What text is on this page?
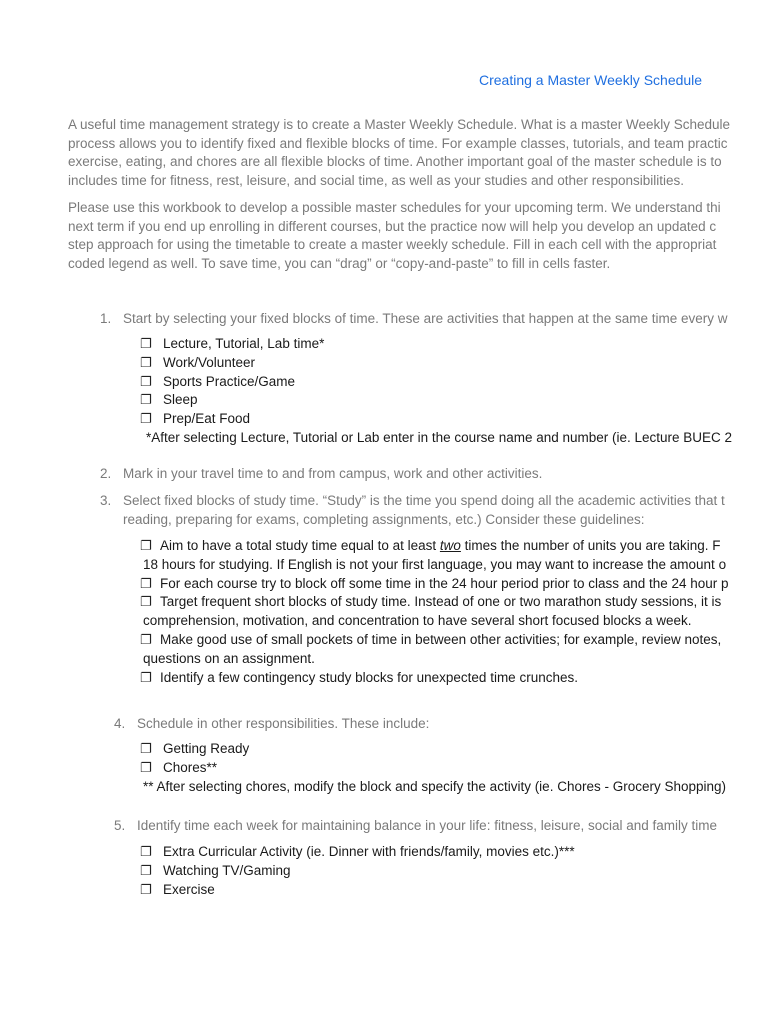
Creating a Master Weekly Schedule
A useful time management strategy is to create a Master Weekly Schedule. What is a master Weekly Schedule
process allows you to identify fixed and flexible blocks of time. For example classes, tutorials, and team practic
exercise, eating, and chores are all flexible blocks of time. Another important goal of the master schedule is to
includes time for fitness, rest, leisure, and social time, as well as your studies and other responsibilities.
Please use this workbook to develop a possible master schedules for your upcoming term. We understand thi
next term if you end up enrolling in different courses, but the practice now will help you develop an updated c
step approach for using the timetable to create a master weekly schedule. Fill in each cell with the appropriat
coded legend as well. To save time, you can “drag” or “copy-and-paste” to fill in cells faster.
1. Start by selecting your fixed blocks of time. These are activities that happen at the same time every w
❐ Lecture, Tutorial, Lab time*
❐ Work/Volunteer
❐ Sports Practice/Game
❐ Sleep
❐ Prep/Eat Food
*After selecting Lecture, Tutorial or Lab enter in the course name and number (ie. Lecture BUEC 2
2. Mark in your travel time to and from campus, work and other activities.
3. Select fixed blocks of study time. “Study” is the time you spend doing all the academic activities that t
reading, preparing for exams, completing assignments, etc.) Consider these guidelines:
❐ Aim to have a total study time equal to at least two times the number of units you are taking. F
18 hours for studying. If English is not your first language, you may want to increase the amount o
❐ For each course try to block off some time in the 24 hour period prior to class and the 24 hour p
❐ Target frequent short blocks of study time. Instead of one or two marathon study sessions, it is
comprehension, motivation, and concentration to have several short focused blocks a week.
❐ Make good use of small pockets of time in between other activities; for example, review notes,
questions on an assignment.
❐ Identify a few contingency study blocks for unexpected time crunches.
4. Schedule in other responsibilities. These include:
❐ Getting Ready
❐ Chores**
** After selecting chores, modify the block and specify the activity (ie. Chores - Grocery Shopping)
5. Identify time each week for maintaining balance in your life: fitness, leisure, social and family time
❐ Extra Curricular Activity (ie. Dinner with friends/family, movies etc.)***
❐ Watching TV/Gaming
❐ Exercise
